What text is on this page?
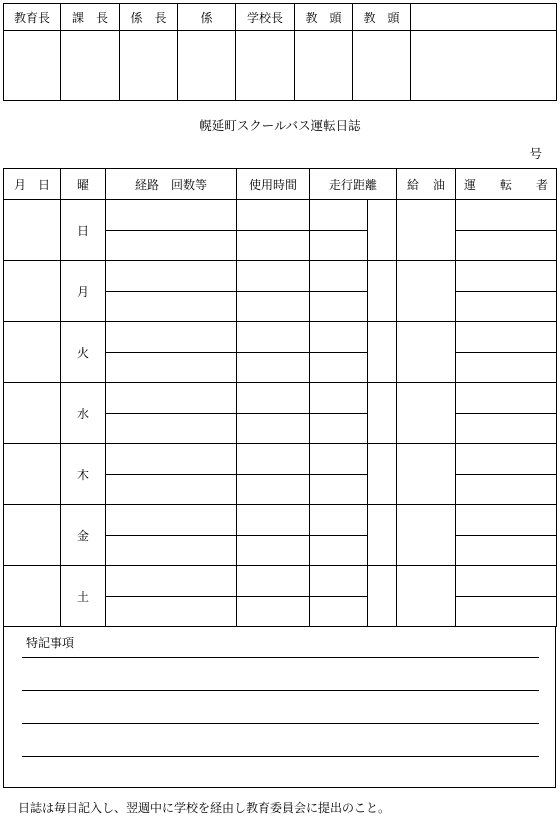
教育長	課　長	係　長	係	学校長	教　頭	教　頭	

幌延町スクールバス運転日誌
号
月 日	曜	経路　回数等	使用時間	走行距離		給 油	運 転 者

	日						

	月						

	火						

	水						

	木						

	金						

	土						

特記事項
日誌は毎日記入し、翌週中に学校を経由し教育委員会に提出のこと。
